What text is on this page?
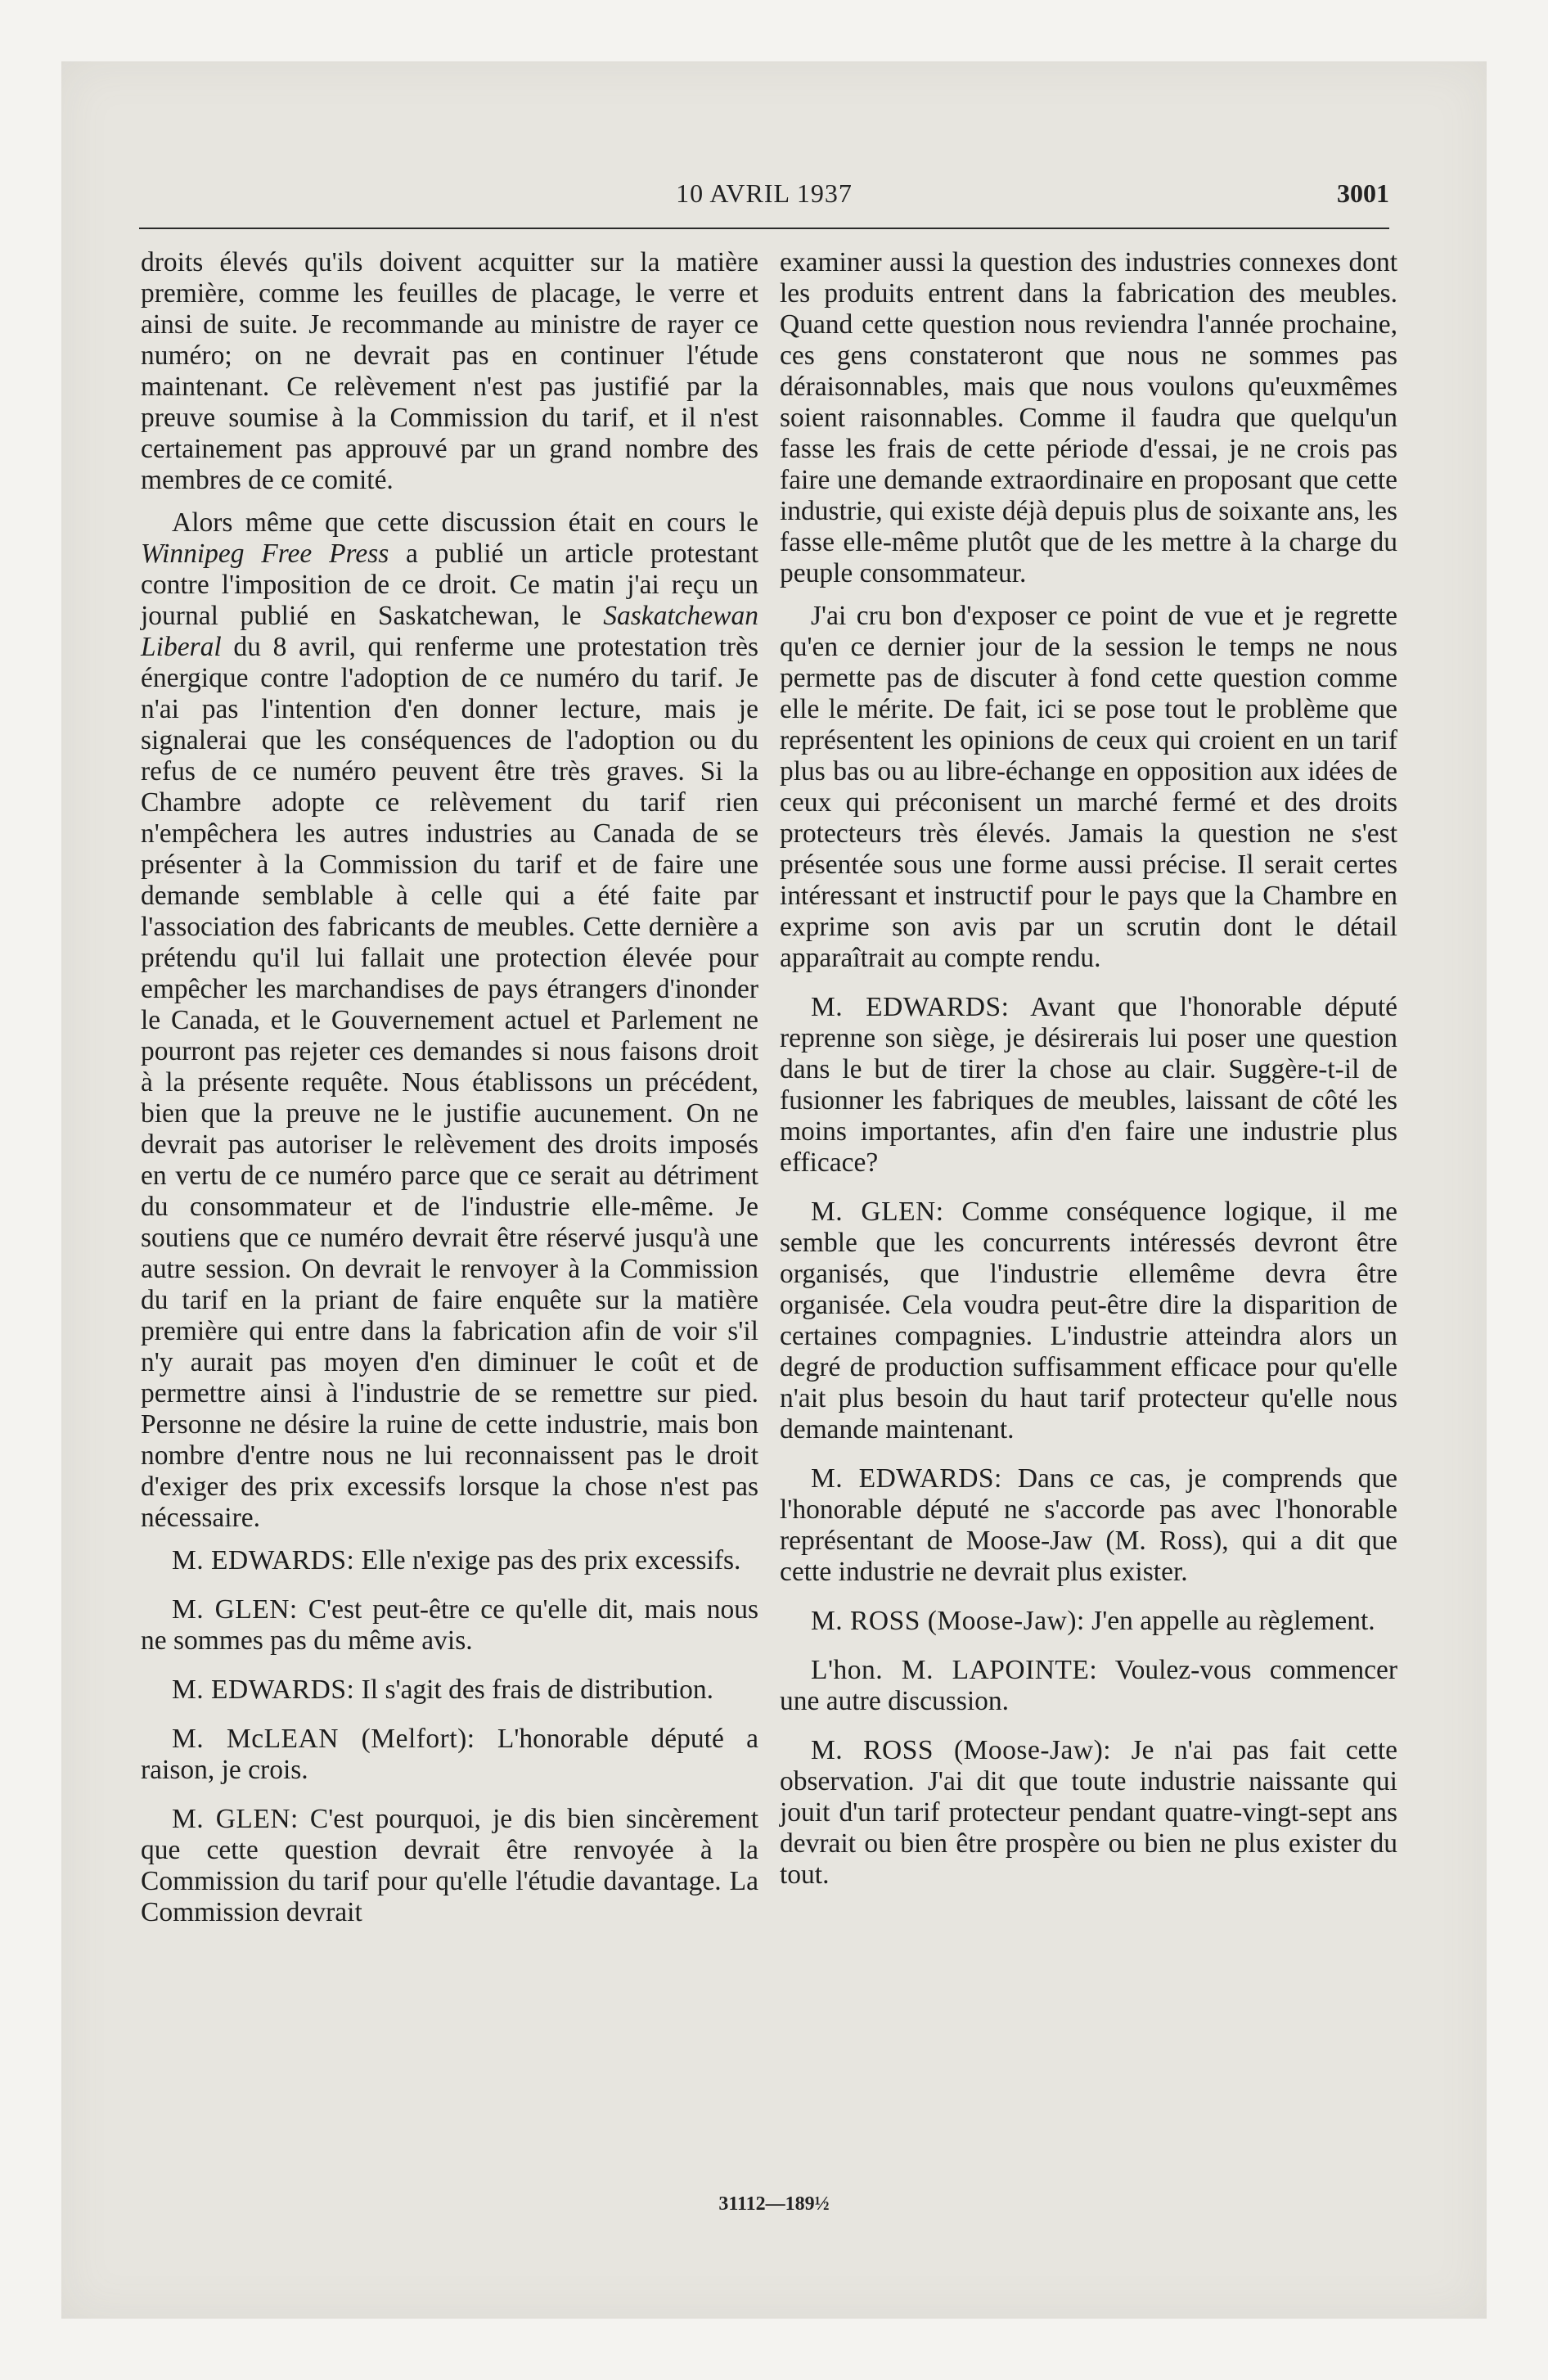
10 AVRIL 1937	3001

droits élevés qu'ils doivent acquitter sur la matière première, comme les feuilles de placage, le verre et ainsi de suite. Je recommande au ministre de rayer ce numéro; on ne devrait pas en continuer l'étude maintenant. Ce relèvement n'est pas justifié par la preuve soumise à la Commission du tarif, et il n'est certainement pas approuvé par un grand nombre des membres de ce comité.

Alors même que cette discussion était en cours le Winnipeg Free Press a publié un article protestant contre l'imposition de ce droit. Ce matin j'ai reçu un journal publié en Saskatchewan, le Saskatchewan Liberal du 8 avril, qui renferme une protestation très énergique contre l'adoption de ce numéro du tarif. Je n'ai pas l'intention d'en donner lecture, mais je signalerai que les conséquences de l'adoption ou du refus de ce numéro peuvent être très graves. Si la Chambre adopte ce relèvement du tarif rien n'empêchera les autres industries au Canada de se présenter à la Commission du tarif et de faire une demande semblable à celle qui a été faite par l'association des fabricants de meubles. Cette dernière a prétendu qu'il lui fallait une protection élevée pour empêcher les marchandises de pays étrangers d'inonder le Canada, et le Gouvernement actuel et Parlement ne pourront pas rejeter ces demandes si nous faisons droit à la présente requête. Nous établissons un précédent, bien que la preuve ne le justifie aucunement. On ne devrait pas autoriser le relèvement des droits imposés en vertu de ce numéro parce que ce serait au détriment du consommateur et de l'industrie elle-même. Je soutiens que ce numéro devrait être réservé jusqu'à une autre session. On devrait le renvoyer à la Commission du tarif en la priant de faire enquête sur la matière première qui entre dans la fabrication afin de voir s'il n'y aurait pas moyen d'en diminuer le coût et de permettre ainsi à l'industrie de se remettre sur pied. Personne ne désire la ruine de cette industrie, mais bon nombre d'entre nous ne lui reconnaissent pas le droit d'exiger des prix excessifs lorsque la chose n'est pas nécessaire.

M. EDWARDS: Elle n'exige pas des prix excessifs.

M. GLEN: C'est peut-être ce qu'elle dit, mais nous ne sommes pas du même avis.

M. EDWARDS: Il s'agit des frais de distribution.

M. McLEAN (Melfort): L'honorable député a raison, je crois.

M. GLEN: C'est pourquoi, je dis bien sincèrement que cette question devrait être renvoyée à la Commission du tarif pour qu'elle l'étudie davantage. La Commission devrait

examiner aussi la question des industries connexes dont les produits entrent dans la fabrication des meubles. Quand cette question nous reviendra l'année prochaine, ces gens constateront que nous ne sommes pas déraisonnables, mais que nous voulons qu'euxmêmes soient raisonnables. Comme il faudra que quelqu'un fasse les frais de cette période d'essai, je ne crois pas faire une demande extraordinaire en proposant que cette industrie, qui existe déjà depuis plus de soixante ans, les fasse elle-même plutôt que de les mettre à la charge du peuple consommateur.

J'ai cru bon d'exposer ce point de vue et je regrette qu'en ce dernier jour de la session le temps ne nous permette pas de discuter à fond cette question comme elle le mérite. De fait, ici se pose tout le problème que représentent les opinions de ceux qui croient en un tarif plus bas ou au libre-échange en opposition aux idées de ceux qui préconisent un marché fermé et des droits protecteurs très élevés. Jamais la question ne s'est présentée sous une forme aussi précise. Il serait certes intéressant et instructif pour le pays que la Chambre en exprime son avis par un scrutin dont le détail apparaîtrait au compte rendu.

M. EDWARDS: Avant que l'honorable député reprenne son siège, je désirerais lui poser une question dans le but de tirer la chose au clair. Suggère-t-il de fusionner les fabriques de meubles, laissant de côté les moins importantes, afin d'en faire une industrie plus efficace?

M. GLEN: Comme conséquence logique, il me semble que les concurrents intéressés devront être organisés, que l'industrie ellemême devra être organisée. Cela voudra peut-être dire la disparition de certaines compagnies. L'industrie atteindra alors un degré de production suffisamment efficace pour qu'elle n'ait plus besoin du haut tarif protecteur qu'elle nous demande maintenant.

M. EDWARDS: Dans ce cas, je comprends que l'honorable député ne s'accorde pas avec l'honorable représentant de Moose-Jaw (M. Ross), qui a dit que cette industrie ne devrait plus exister.

M. ROSS (Moose-Jaw): J'en appelle au règlement.

L'hon. M. LAPOINTE: Voulez-vous commencer une autre discussion.

M. ROSS (Moose-Jaw): Je n'ai pas fait cette observation. J'ai dit que toute industrie naissante qui jouit d'un tarif protecteur pendant quatre-vingt-sept ans devrait ou bien être prospère ou bien ne plus exister du tout.

31112—189½
